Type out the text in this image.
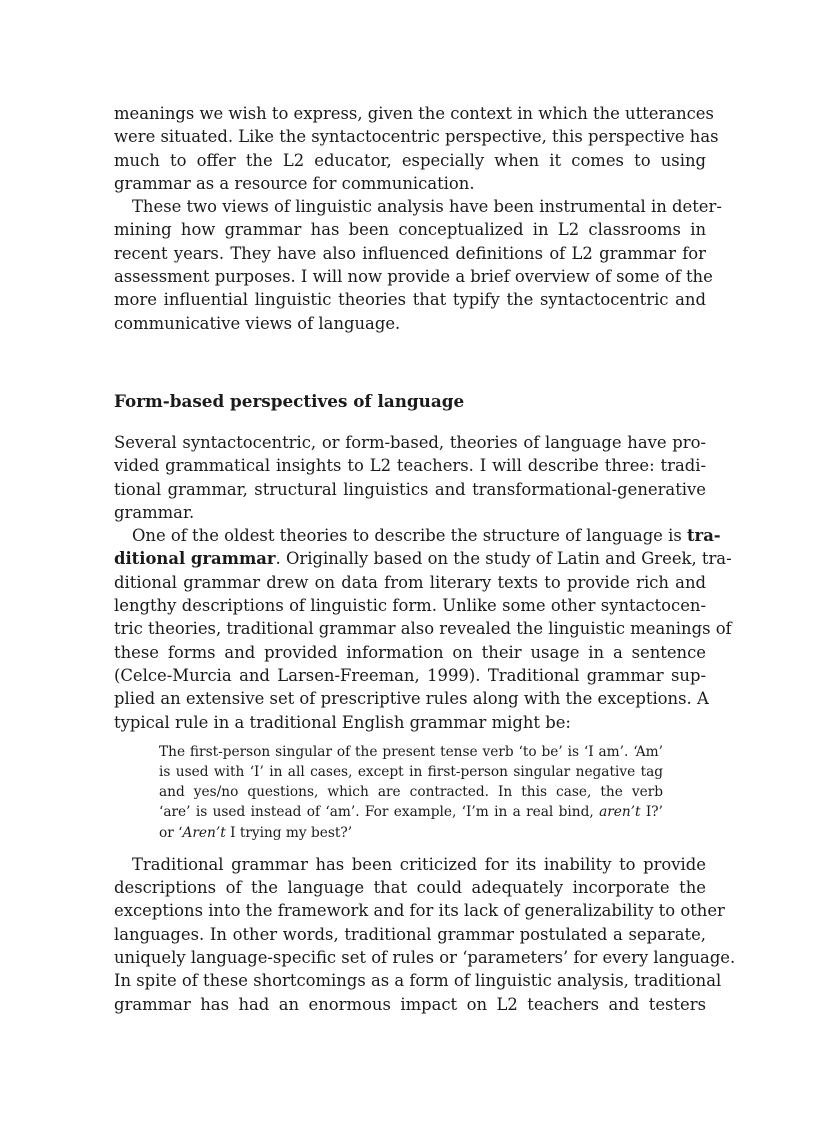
meanings we wish to express, given the context in which the utterances
were situated. Like the syntactocentric perspective, this perspective has
much to offer the L2 educator, especially when it comes to using
grammar as a resource for communication.
These two views of linguistic analysis have been instrumental in deter-
mining how grammar has been conceptualized in L2 classrooms in
recent years. They have also influenced definitions of L2 grammar for
assessment purposes. I will now provide a brief overview of some of the
more influential linguistic theories that typify the syntactocentric and
communicative views of language.
Form-based perspectives of language
Several syntactocentric, or form-based, theories of language have pro-
vided grammatical insights to L2 teachers. I will describe three: tradi-
tional grammar, structural linguistics and transformational-generative
grammar.
One of the oldest theories to describe the structure of language is tra-
ditional grammar. Originally based on the study of Latin and Greek, tra-
ditional grammar drew on data from literary texts to provide rich and
lengthy descriptions of linguistic form. Unlike some other syntactocen-
tric theories, traditional grammar also revealed the linguistic meanings of
these forms and provided information on their usage in a sentence
(Celce-Murcia and Larsen-Freeman, 1999). Traditional grammar sup-
plied an extensive set of prescriptive rules along with the exceptions. A
typical rule in a traditional English grammar might be:
The first-person singular of the present tense verb ‘to be’ is ‘I am’. ‘Am’
is used with ‘I’ in all cases, except in first-person singular negative tag
and yes/no questions, which are contracted. In this case, the verb
‘are’ is used instead of ‘am’. For example, ‘I’m in a real bind, aren’t I?’
or ‘Aren’t I trying my best?’
Traditional grammar has been criticized for its inability to provide
descriptions of the language that could adequately incorporate the
exceptions into the framework and for its lack of generalizability to other
languages. In other words, traditional grammar postulated a separate,
uniquely language-specific set of rules or ‘parameters’ for every language.
In spite of these shortcomings as a form of linguistic analysis, traditional
grammar has had an enormous impact on L2 teachers and testers
